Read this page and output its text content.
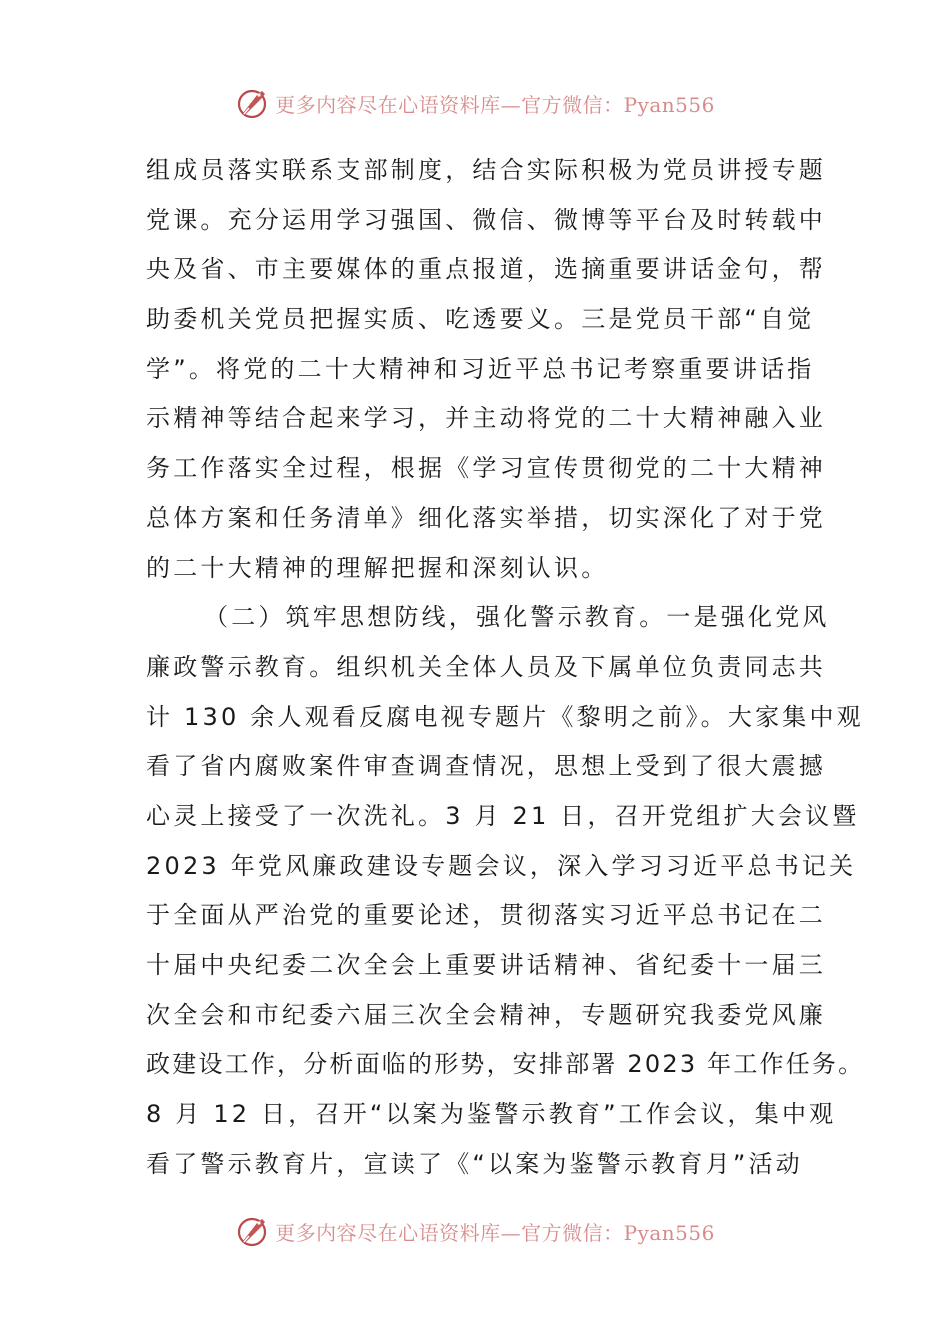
更多内容尽在心语资料库—官方微信：Pyan556
组成员落实联系支部制度，结合实际积极为党员讲授专题
党课。充分运用学习强国、微信、微博等平台及时转载中
央及省、市主要媒体的重点报道，选摘重要讲话金句，帮
助委机关党员把握实质、吃透要义。三是党员干部“自觉
学”。将党的二十大精神和习近平总书记考察重要讲话指
示精神等结合起来学习，并主动将党的二十大精神融入业
务工作落实全过程，根据《学习宣传贯彻党的二十大精神
总体方案和任务清单》细化落实举措，切实深化了对于党
的二十大精神的理解把握和深刻认识。
（二）筑牢思想防线，强化警示教育。一是强化党风
廉政警示教育。组织机关全体人员及下属单位负责同志共
计 130 余人观看反腐电视专题片《黎明之前》。大家集中观
看了省内腐败案件审查调查情况，思想上受到了很大震撼
心灵上接受了一次洗礼。3 月 21 日，召开党组扩大会议暨
2023 年党风廉政建设专题会议，深入学习习近平总书记关
于全面从严治党的重要论述，贯彻落实习近平总书记在二
十届中央纪委二次全会上重要讲话精神、省纪委十一届三
次全会和市纪委六届三次全会精神，专题研究我委党风廉
政建设工作，分析面临的形势，安排部署 2023 年工作任务。
8 月 12 日，召开“以案为鉴警示教育”工作会议，集中观
看了警示教育片，宣读了《“以案为鉴警示教育月”活动
更多内容尽在心语资料库—官方微信：Pyan556
